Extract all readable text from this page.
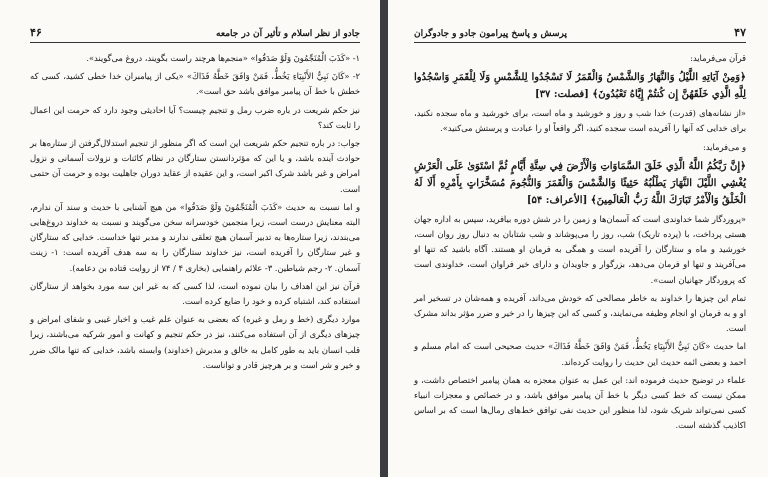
۴۶	جادو از نظر اسلام و تأثیر آن در جامعه

۱- «كَذَبَ الْمُنَجِّمُونَ وَلَوْ صَدَقُوا» «منجم‌ها هرچند راست بگویند، دروغ می‌گویند».

۲- «كَانَ نَبِيٌّ الأَنْبِيَاءِ يَخُطُّ، فَمَنْ وَافَقَ خَطَّهُ فَذَاكَ» «یکی از پیامبران خدا خطی کشید، کسی که خطش با خط آن پیامبر موافق باشد حق است».

نیز حکم شریعت در باره ضرب رمل و تنجیم چیست؟ آیا احادیثی وجود دارد که حرمت این اعمال را ثابت کند؟

جواب: در باره تنجیم حکم شریعت این است که اگر منظور از تنجیم استدلال‌گرفتن از ستاره‌ها بر حوادث آینده باشد، و یا این که مؤثردانستن ستارگان در نظام کائنات و نزولات آسمانی و نزول امراض و غیر باشد شرک اکبر است، و این عقیده از عقاید دوران جاهلیت بوده و حرمت آن حتمی است.

و اما نسبت به حدیث «كَذَبَ الْمُنَجِّمُونَ وَلَوْ صَدَقُوا» من هیچ آشنایی با حدیث و سند آن ندارم، البته معنایش درست است، زیرا منجمین خودسرانه سخن می‌گویند و نسبت به خداوند دروغ‌هایی می‌بندند، زیرا ستاره‌ها به تدبیر آسمان هیچ تعلقی ندارند و مدبر تنها خداست. خدایی که ستارگان و غیر ستارگان را آفریده است، نیز خداوند ستارگان را به سه هدف آفریده است: ۱- زینت آسمان. ۲- رجم شیاطین. ۳- علائم راهنمایی (بخاری ۴ / ۷۴ از روایت قتاده بن دعامه).

قرآن نیز این اهداف را بیان نموده است، لذا کسی که به غیر این سه مورد بخواهد از ستارگان استفاده کند، اشتباه کرده و خود را ضایع کرده است.

موارد دیگری (خط و رمل و غیره) که بعضی به عنوان علم غیب و اخبار غیبی و شفای امراض و چیزهای دیگری از آن استفاده می‌کنند، نیز در حکم تنجیم و کهانت و امور شرکیه می‌باشند، زیرا قلب انسان باید به طور کامل به خالق و مدبرش (خداوند) وابسته باشد، خدایی که تنها مالک ضرر و خیر و شر است و بر هرچیز قادر و تواناست.

پرسش و پاسخ پیرامون جادو و جادوگران	۴۷

قرآن می‌فرماید:

﴿وَمِنْ آيَاتِهِ اللَّيْلُ وَالنَّهَارُ وَالشَّمْسُ وَالْقَمَرُ لَا تَسْجُدُوا لِلشَّمْسِ وَلَا لِلْقَمَرِ وَاسْجُدُوا لِلَّهِ الَّذِي خَلَقَهُنَّ إِن كُنتُمْ إِيَّاهُ تَعْبُدُونَ﴾ [فصلت: ۳۷]

«از نشانه‌های (قدرت) خدا شب و روز و خورشید و ماه است، برای خورشید و ماه سجده نکنید، برای خدایی که آنها را آفریده است سجده کنید، اگر واقعاً او را عبادت و پرستش می‌کنید».

و می‌فرماید:

﴿إِنَّ رَبَّكُمُ اللَّهُ الَّذِي خَلَقَ السَّمَاوَاتِ وَالْأَرْضَ فِي سِتَّةِ أَيَّامٍ ثُمَّ اسْتَوَىٰ عَلَى الْعَرْشِ يُغْشِي اللَّيْلَ النَّهَارَ يَطْلُبُهُ حَثِيثًا وَالشَّمْسَ وَالْقَمَرَ وَالنُّجُومَ مُسَخَّرَاتٍ بِأَمْرِهِ أَلَا لَهُ الْخَلْقُ وَالْأَمْرُ تَبَارَكَ اللَّهُ رَبُّ الْعَالَمِينَ﴾ [الأعراف: ۵۴]

«پروردگار شما خداوندی است که آسمان‌ها و زمین را در شش دوره بیافرید، سپس به اداره جهان هستی پرداخت، با (پرده تاریک) شب، روز را می‌پوشاند و شب شتابان به دنبال روز روان است، خورشید و ماه و ستارگان را آفریده است و همگی به فرمان او هستند. آگاه باشید که تنها او می‌آفریند و تنها او فرمان می‌دهد، بزرگوار و جاویدان و دارای خیر فراوان است، خداوندی است که پروردگار جهانیان است».

تمام این چیزها را خداوند به خاطر مصالحی که خودش می‌داند، آفریده و همه‌شان در تسخیر امر او و به فرمان او انجام وظیفه می‌نمایند، و کسی که این چیزها را در خیر و ضرر مؤثر بداند مشرک است.

اما حدیث «كَانَ نَبِيٌّ الأَنْبِيَاءِ يَخُطُّ، فَمَنْ وَافَقَ خَطَّهُ فَذَاكَ» حدیث صحیحی است که امام مسلم و احمد و بعضی ائمه حدیث این حدیث را روایت کرده‌اند.

علماء در توضیح حدیث فرموده اند: این عمل به عنوان معجزه به همان پیامبر اختصاص داشت، و ممکن نیست که خط کسی دیگر با خط آن پیامبر موافق باشد، و در خصائص و معجزات انبیاء کسی نمی‌تواند شریک شود، لذا منظور این حدیث نفی توافق خط‌های رمال‌ها است که بر اساس اکاذیب گذشته است.
